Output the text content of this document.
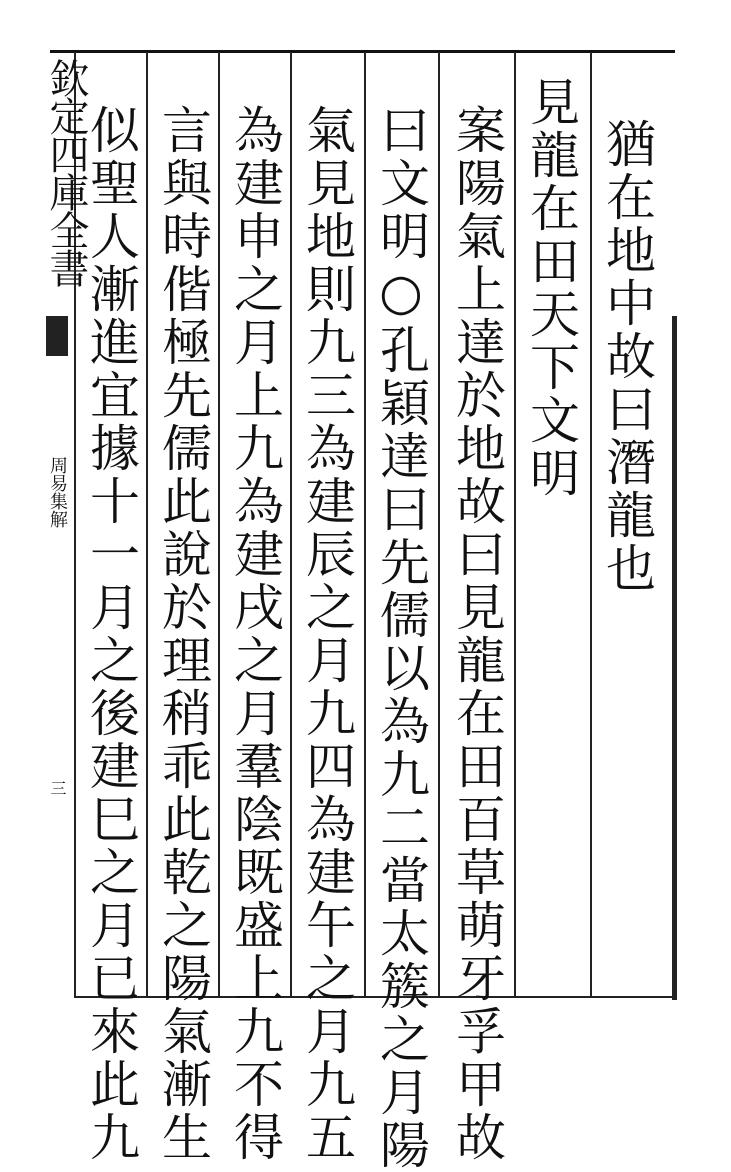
欽定四庫全書
周易集解
三
猶在地中故曰潛龍也
見龍在田天下文明
案陽氣上達於地故曰見龍在田百草萌牙孚甲故
曰文明○孔穎達曰先儒以為九二當太簇之月陽
氣見地則九三為建辰之月九四為建午之月九五
為建申之月上九為建戌之月羣陰既盛上九不得
言與時偕極先儒此說於理稍乖此乾之陽氣漸生
似聖人漸進宜據十一月之後建巳之月已來此九
